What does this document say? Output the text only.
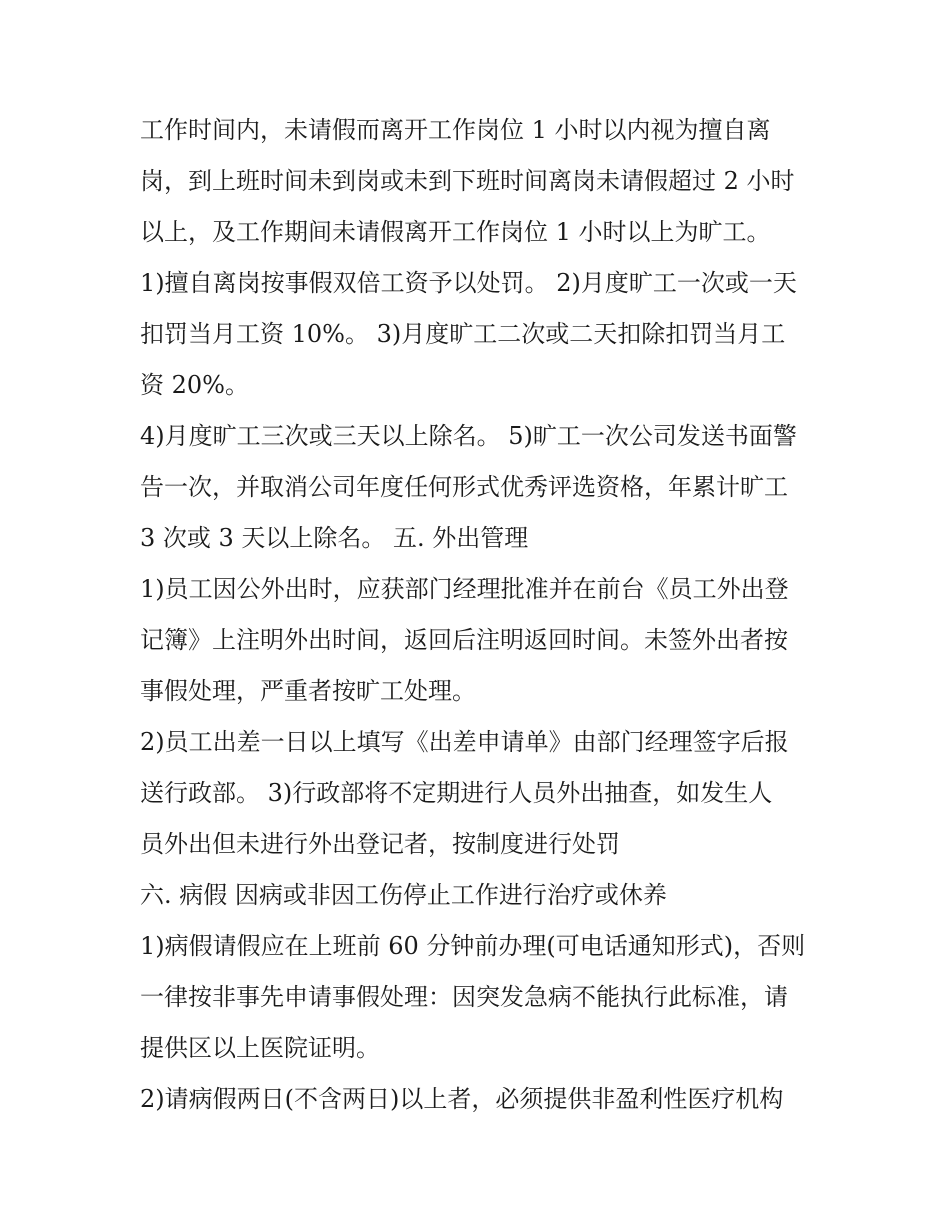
工作时间内，未请假而离开工作岗位 1 小时以内视为擅自离
岗，到上班时间未到岗或未到下班时间离岗未请假超过 2 小时
以上，及工作期间未请假离开工作岗位 1 小时以上为旷工。
1)擅自离岗按事假双倍工资予以处罚。 2)月度旷工一次或一天
扣罚当月工资 10%。 3)月度旷工二次或二天扣除扣罚当月工
资 20%。
4)月度旷工三次或三天以上除名。 5)旷工一次公司发送书面警
告一次，并取消公司年度任何形式优秀评选资格，年累计旷工
3 次或 3 天以上除名。 五. 外出管理
1)员工因公外出时，应获部门经理批准并在前台《员工外出登
记簿》上注明外出时间，返回后注明返回时间。未签外出者按
事假处理，严重者按旷工处理。
2)员工出差一日以上填写《出差申请单》由部门经理签字后报
送行政部。 3)行政部将不定期进行人员外出抽查，如发生人
员外出但未进行外出登记者，按制度进行处罚
六. 病假 因病或非因工伤停止工作进行治疗或休养
1)病假请假应在上班前 60 分钟前办理(可电话通知形式)，否则
一律按非事先申请事假处理：因突发急病不能执行此标准，请
提供区以上医院证明。
2)请病假两日(不含两日)以上者，必须提供非盈利性医疗机构
